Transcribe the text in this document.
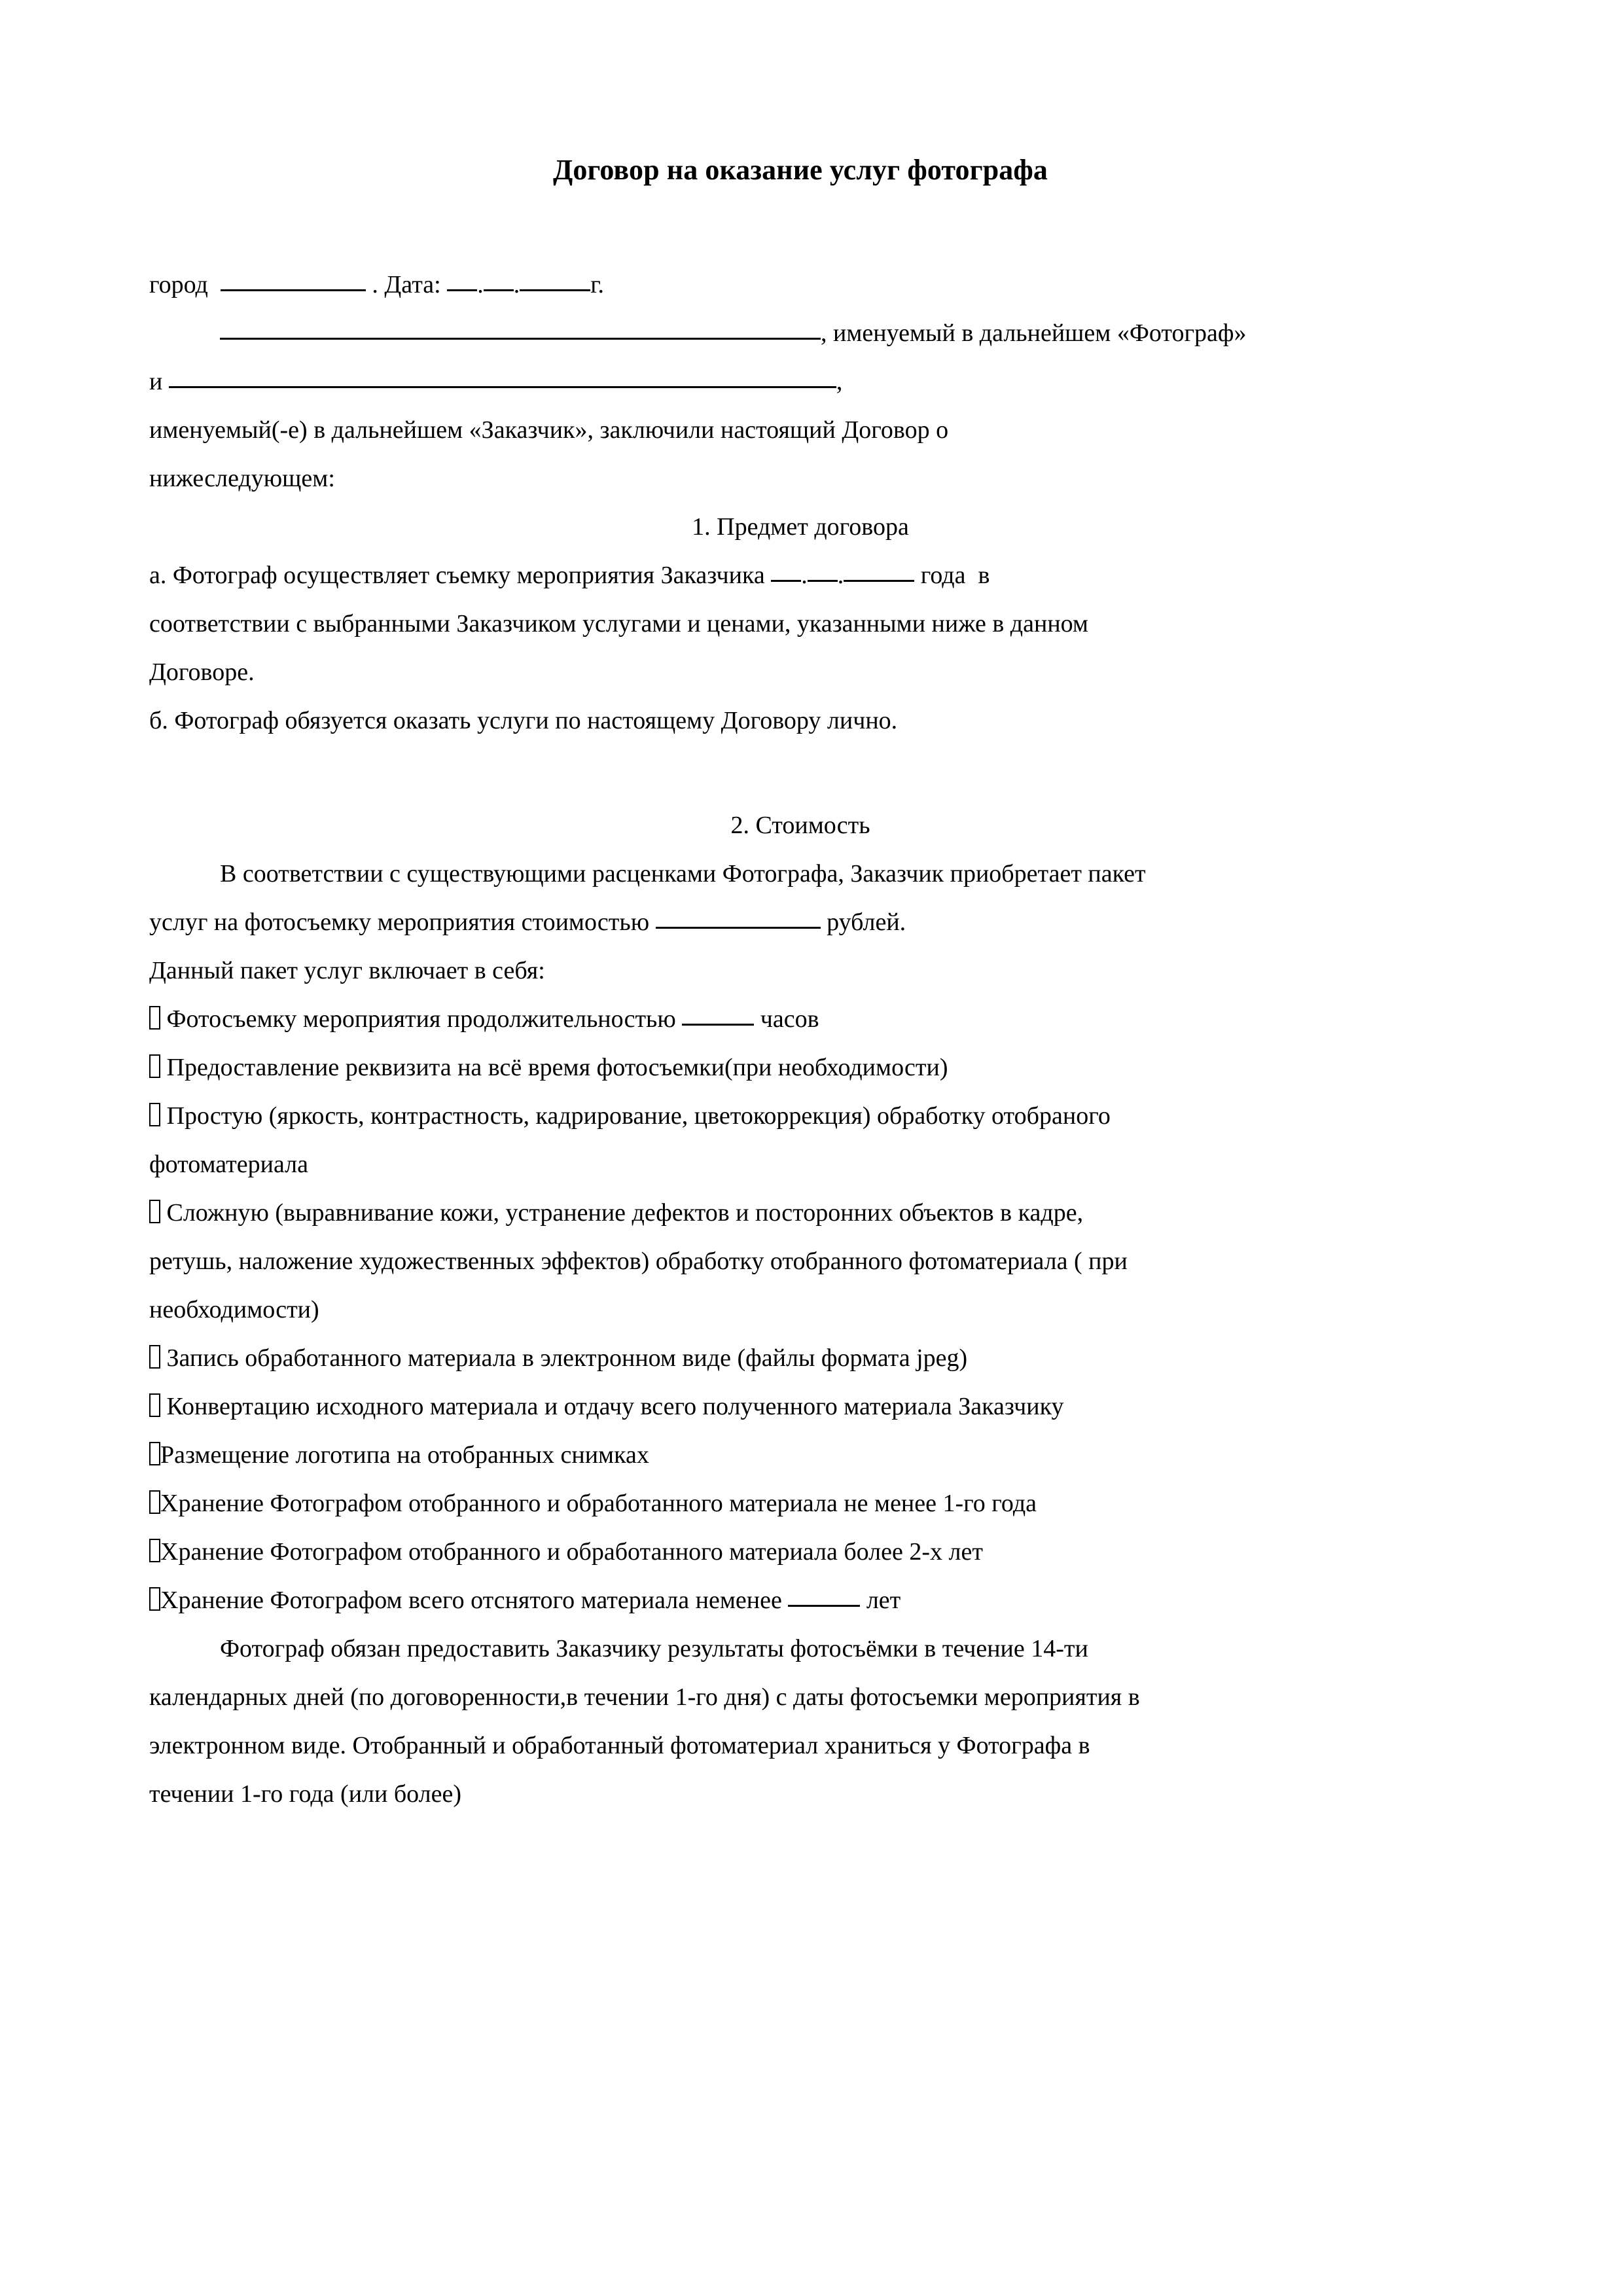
Договор на оказание услуг фотографа

город	. Дата: . .	г.

, именуемый в дальнейшем «Фотограф»

и	,

именуемый(-е) в дальнейшем «Заказчик», заключили настоящий Договор о

нижеследующем:

1. Предмет договора

а. Фотограф осуществляет съемку мероприятия Заказчика . .	года  в

соответствии с выбранными Заказчиком услугами и ценами, указанными ниже в данном

Договоре.

б. Фотограф обязуется оказать услуги по настоящему Договору лично.

2. Стоимость

В соответствии с существующими расценками Фотографа, Заказчик приобретает пакет

услуг на фотосъемку мероприятия стоимостью	рублей.

Данный пакет услуг включает в себя:

Фотосъемку мероприятия продолжительностью	часов

Предоставление реквизита на всё время фотосъемки(при необходимости)

Простую (яркость, контрастность, кадрирование, цветокоррекция) обработку отобраного

фотоматериала

Сложную (выравнивание кожи, устранение дефектов и посторонних объектов в кадре,

ретушь, наложение художественных эффектов) обработку отобранного фотоматериала ( при

необходимости)

Запись обработанного материала в электронном виде (файлы формата jpeg)

Конвертацию исходного материала и отдачу всего полученного материала Заказчику

Размещение логотипа на отобранных снимках

Хранение Фотографом отобранного и обработанного материала не менее 1-го года

Хранение Фотографом отобранного и обработанного материала более 2-х лет

Хранение Фотографом всего отснятого материала неменее	лет

Фотограф обязан предоставить Заказчику результаты фотосъёмки в течение 14-ти

календарных дней (по договоренности,в течении 1-го дня) с даты фотосъемки мероприятия в

электронном виде. Отобранный и обработанный фотоматериал храниться у Фотографа в

течении 1-го года (или более)
